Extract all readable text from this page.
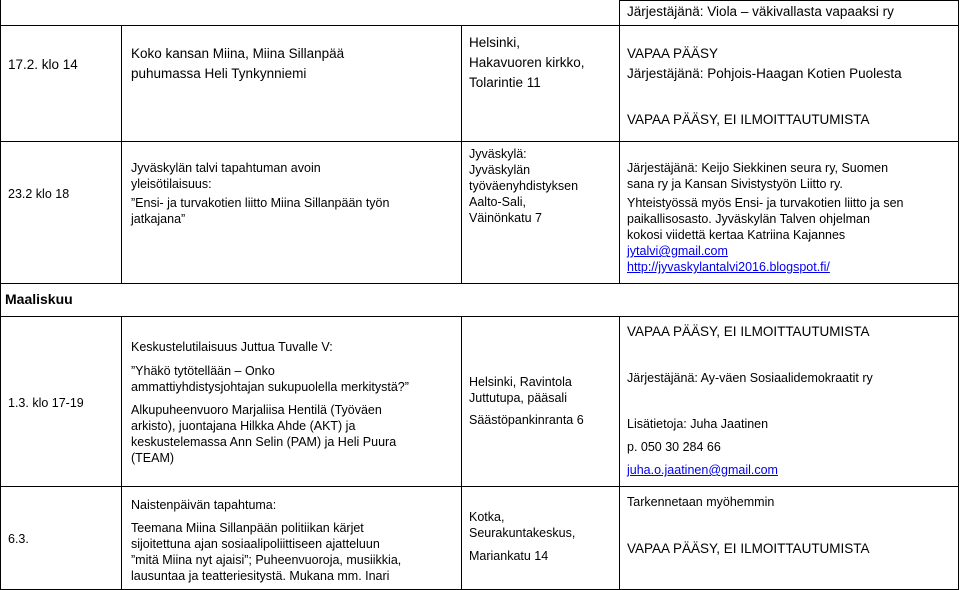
Järjestäjänä: Viola – väkivallasta vapaaksi ry
17.2. klo 14
Koko kansan Miina, Miina Sillanpää
puhumassa Heli Tynkynniemi
Helsinki,
Hakavuoren kirkko,
Tolarintie 11
VAPAA PÄÄSY
Järjestäjänä: Pohjois-Haagan Kotien Puolesta
VAPAA PÄÄSY, EI ILMOITTAUTUMISTA
23.2 klo 18
Jyväskylän talvi tapahtuman avoin
yleisötilaisuus:
”Ensi- ja turvakotien liitto Miina Sillanpään työn
jatkajana”
Jyväskylä:
Jyväskylän
työväenyhdistyksen
Aalto-Sali,
Väinönkatu 7
Järjestäjänä: Keijo Siekkinen seura ry, Suomen
sana ry ja Kansan Sivistystyön Liitto ry.
Yhteistyössä myös Ensi- ja turvakotien liitto ja sen
paikallisosasto. Jyväskylän Talven ohjelman
kokosi viidettä kertaa Katriina Kajannes
jytalvi@gmail.com
http://jyvaskylantalvi2016.blogspot.fi/
Maaliskuu
1.3. klo 17-19
Keskustelutilaisuus Juttua Tuvalle V:
”Yhäkö tytötellään – Onko
ammattiyhdistysjohtajan sukupuolella merkitystä?”
Alkupuheenvuoro Marjaliisa Hentilä (Työväen
arkisto), juontajana Hilkka Ahde (AKT) ja
keskustelemassa Ann Selin (PAM) ja Heli Puura
(TEAM)
Helsinki, Ravintola
Juttutupa, pääsali
Säästöpankinranta 6
VAPAA PÄÄSY, EI ILMOITTAUTUMISTA
Järjestäjänä: Ay-väen Sosiaalidemokraatit ry
Lisätietoja: Juha Jaatinen
p. 050 30 284 66
juha.o.jaatinen@gmail.com
6.3.
Naistenpäivän tapahtuma:
Teemana Miina Sillanpään politiikan kärjet
sijoitettuna ajan sosiaalipoliittiseen ajatteluun
”mitä Miina nyt ajaisi”; Puheenvuoroja, musiikkia,
lausuntaa ja teatteriesitystä. Mukana mm. Inari
Kotka,
Seurakuntakeskus,
Mariankatu 14
Tarkennetaan myöhemmin
VAPAA PÄÄSY, EI ILMOITTAUTUMISTA
